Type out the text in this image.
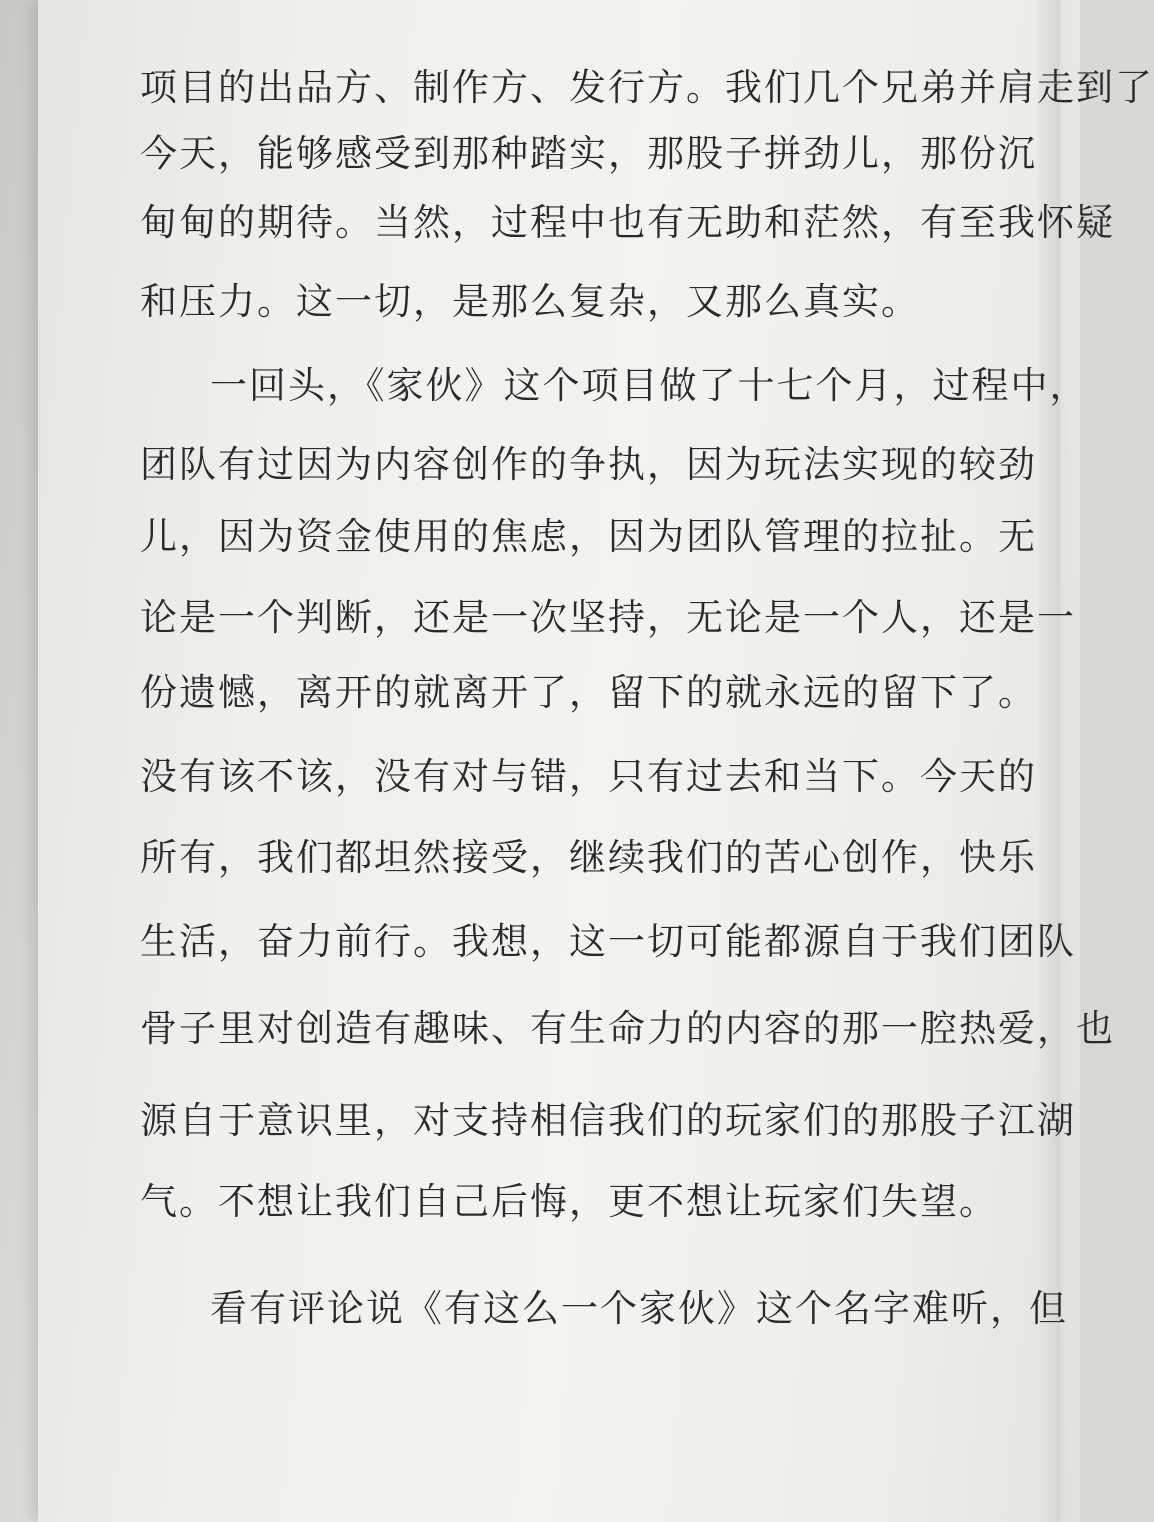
项目的出品方、制作方、发行方。我们几个兄弟并肩走到了
今天，能够感受到那种踏实，那股子拼劲儿，那份沉
甸甸的期待。当然，过程中也有无助和茫然，有至我怀疑
和压力。这一切，是那么复杂，又那么真实。
一回头，《家伙》这个项目做了十七个月，过程中，
团队有过因为内容创作的争执，因为玩法实现的较劲
儿，因为资金使用的焦虑，因为团队管理的拉扯。无
论是一个判断，还是一次坚持，无论是一个人，还是一
份遗憾，离开的就离开了，留下的就永远的留下了。
没有该不该，没有对与错，只有过去和当下。今天的
所有，我们都坦然接受，继续我们的苦心创作，快乐
生活，奋力前行。我想，这一切可能都源自于我们团队
骨子里对创造有趣味、有生命力的内容的那一腔热爱，也
源自于意识里，对支持相信我们的玩家们的那股子江湖
气。不想让我们自己后悔，更不想让玩家们失望。
看有评论说《有这么一个家伙》这个名字难听，但
